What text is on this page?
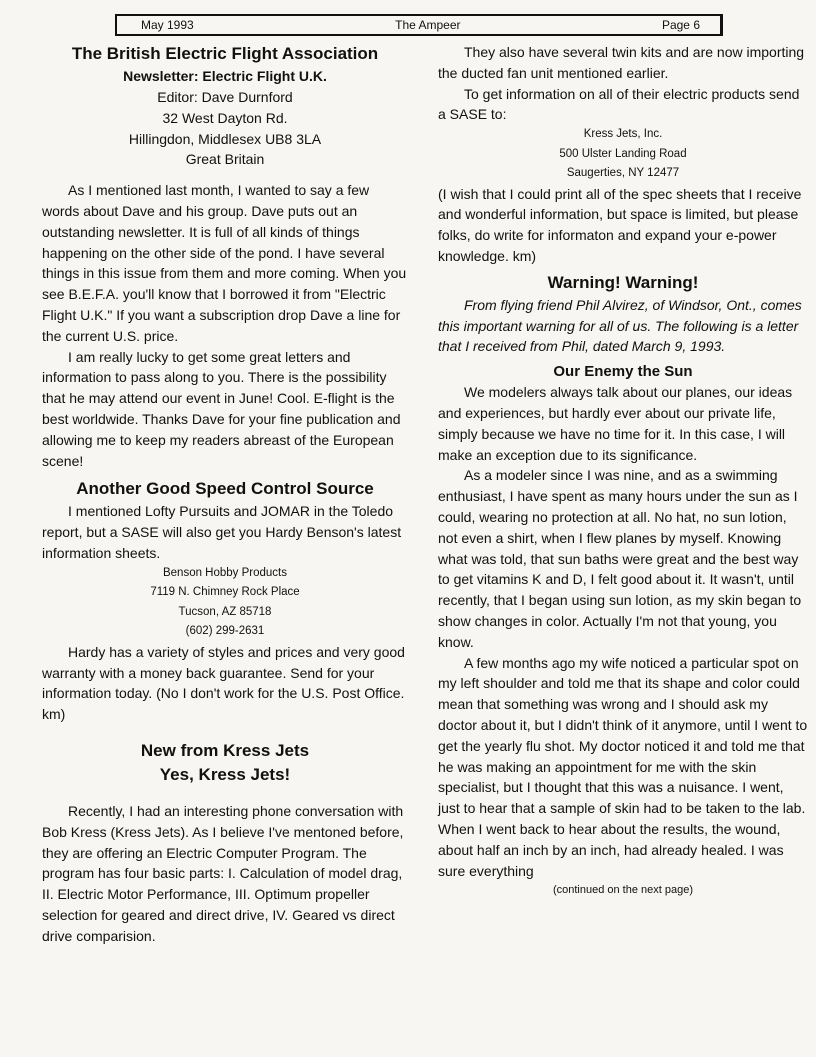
May 1993	The Ampeer	Page 6
The British Electric Flight Association
Newsletter: Electric Flight U.K.

Editor: Dave Durnford

32 West Dayton Rd.

Hillingdon, Middlesex UB8 3LA

Great Britain

As I mentioned last month, I wanted to say a few words about Dave and his group. Dave puts out an outstanding newsletter. It is full of all kinds of things happening on the other side of the pond. I have several things in this issue from them and more coming. When you see B.E.F.A. you'll know that I borrowed it from "Electric Flight U.K." If you want a subscription drop Dave a line for the current U.S. price.

I am really lucky to get some great letters and information to pass along to you. There is the possibility that he may attend our event in June! Cool. E-flight is the best worldwide. Thanks Dave for your fine publication and allowing me to keep my readers abreast of the European scene!

Another Good Speed Control Source

I mentioned Lofty Pursuits and JOMAR in the Toledo report, but a SASE will also get you Hardy Benson's latest information sheets.

Benson Hobby Products

7119 N. Chimney Rock Place

Tucson, AZ 85718

(602) 299-2631

Hardy has a variety of styles and prices and very good warranty with a money back guarantee. Send for your information today. (No I don't work for the U.S. Post Office. km)

New from Kress Jets
Yes, Kress Jets!

Recently, I had an interesting phone conversation with Bob Kress (Kress Jets). As I believe I've mentoned before, they are offering an Electric Computer Program. The program has four basic parts: I. Calculation of model drag, II. Electric Motor Performance, III. Optimum propeller selection for geared and direct drive, IV. Geared vs direct drive comparision.

They also have several twin kits and are now importing the ducted fan unit mentioned earlier.

To get information on all of their electric products send a SASE to:

Kress Jets, Inc.

500 Ulster Landing Road

Saugerties, NY 12477

(I wish that I could print all of the spec sheets that I receive and wonderful information, but space is limited, but please folks, do write for informaton and expand your e-power knowledge. km)

Warning! Warning!

From flying friend Phil Alvirez, of Windsor, Ont., comes this important warning for all of us. The following is a letter that I received from Phil, dated March 9, 1993.

Our Enemy the Sun

We modelers always talk about our planes, our ideas and experiences, but hardly ever about our private life, simply because we have no time for it. In this case, I will make an exception due to its significance.

As a modeler since I was nine, and as a swimming enthusiast, I have spent as many hours under the sun as I could, wearing no protection at all. No hat, no sun lotion, not even a shirt, when I flew planes by myself. Knowing what was told, that sun baths were great and the best way to get vitamins K and D, I felt good about it. It wasn't, until recently, that I began using sun lotion, as my skin began to show changes in color. Actually I'm not that young, you know.

A few months ago my wife noticed a particular spot on my left shoulder and told me that its shape and color could mean that something was wrong and I should ask my doctor about it, but I didn't think of it anymore, until I went to get the yearly flu shot. My doctor noticed it and told me that he was making an appointment for me with the skin specialist, but I thought that this was a nuisance. I went, just to hear that a sample of skin had to be taken to the lab. When I went back to hear about the results, the wound, about half an inch by an inch, had already healed. I was sure everything

(continued on the next page)
